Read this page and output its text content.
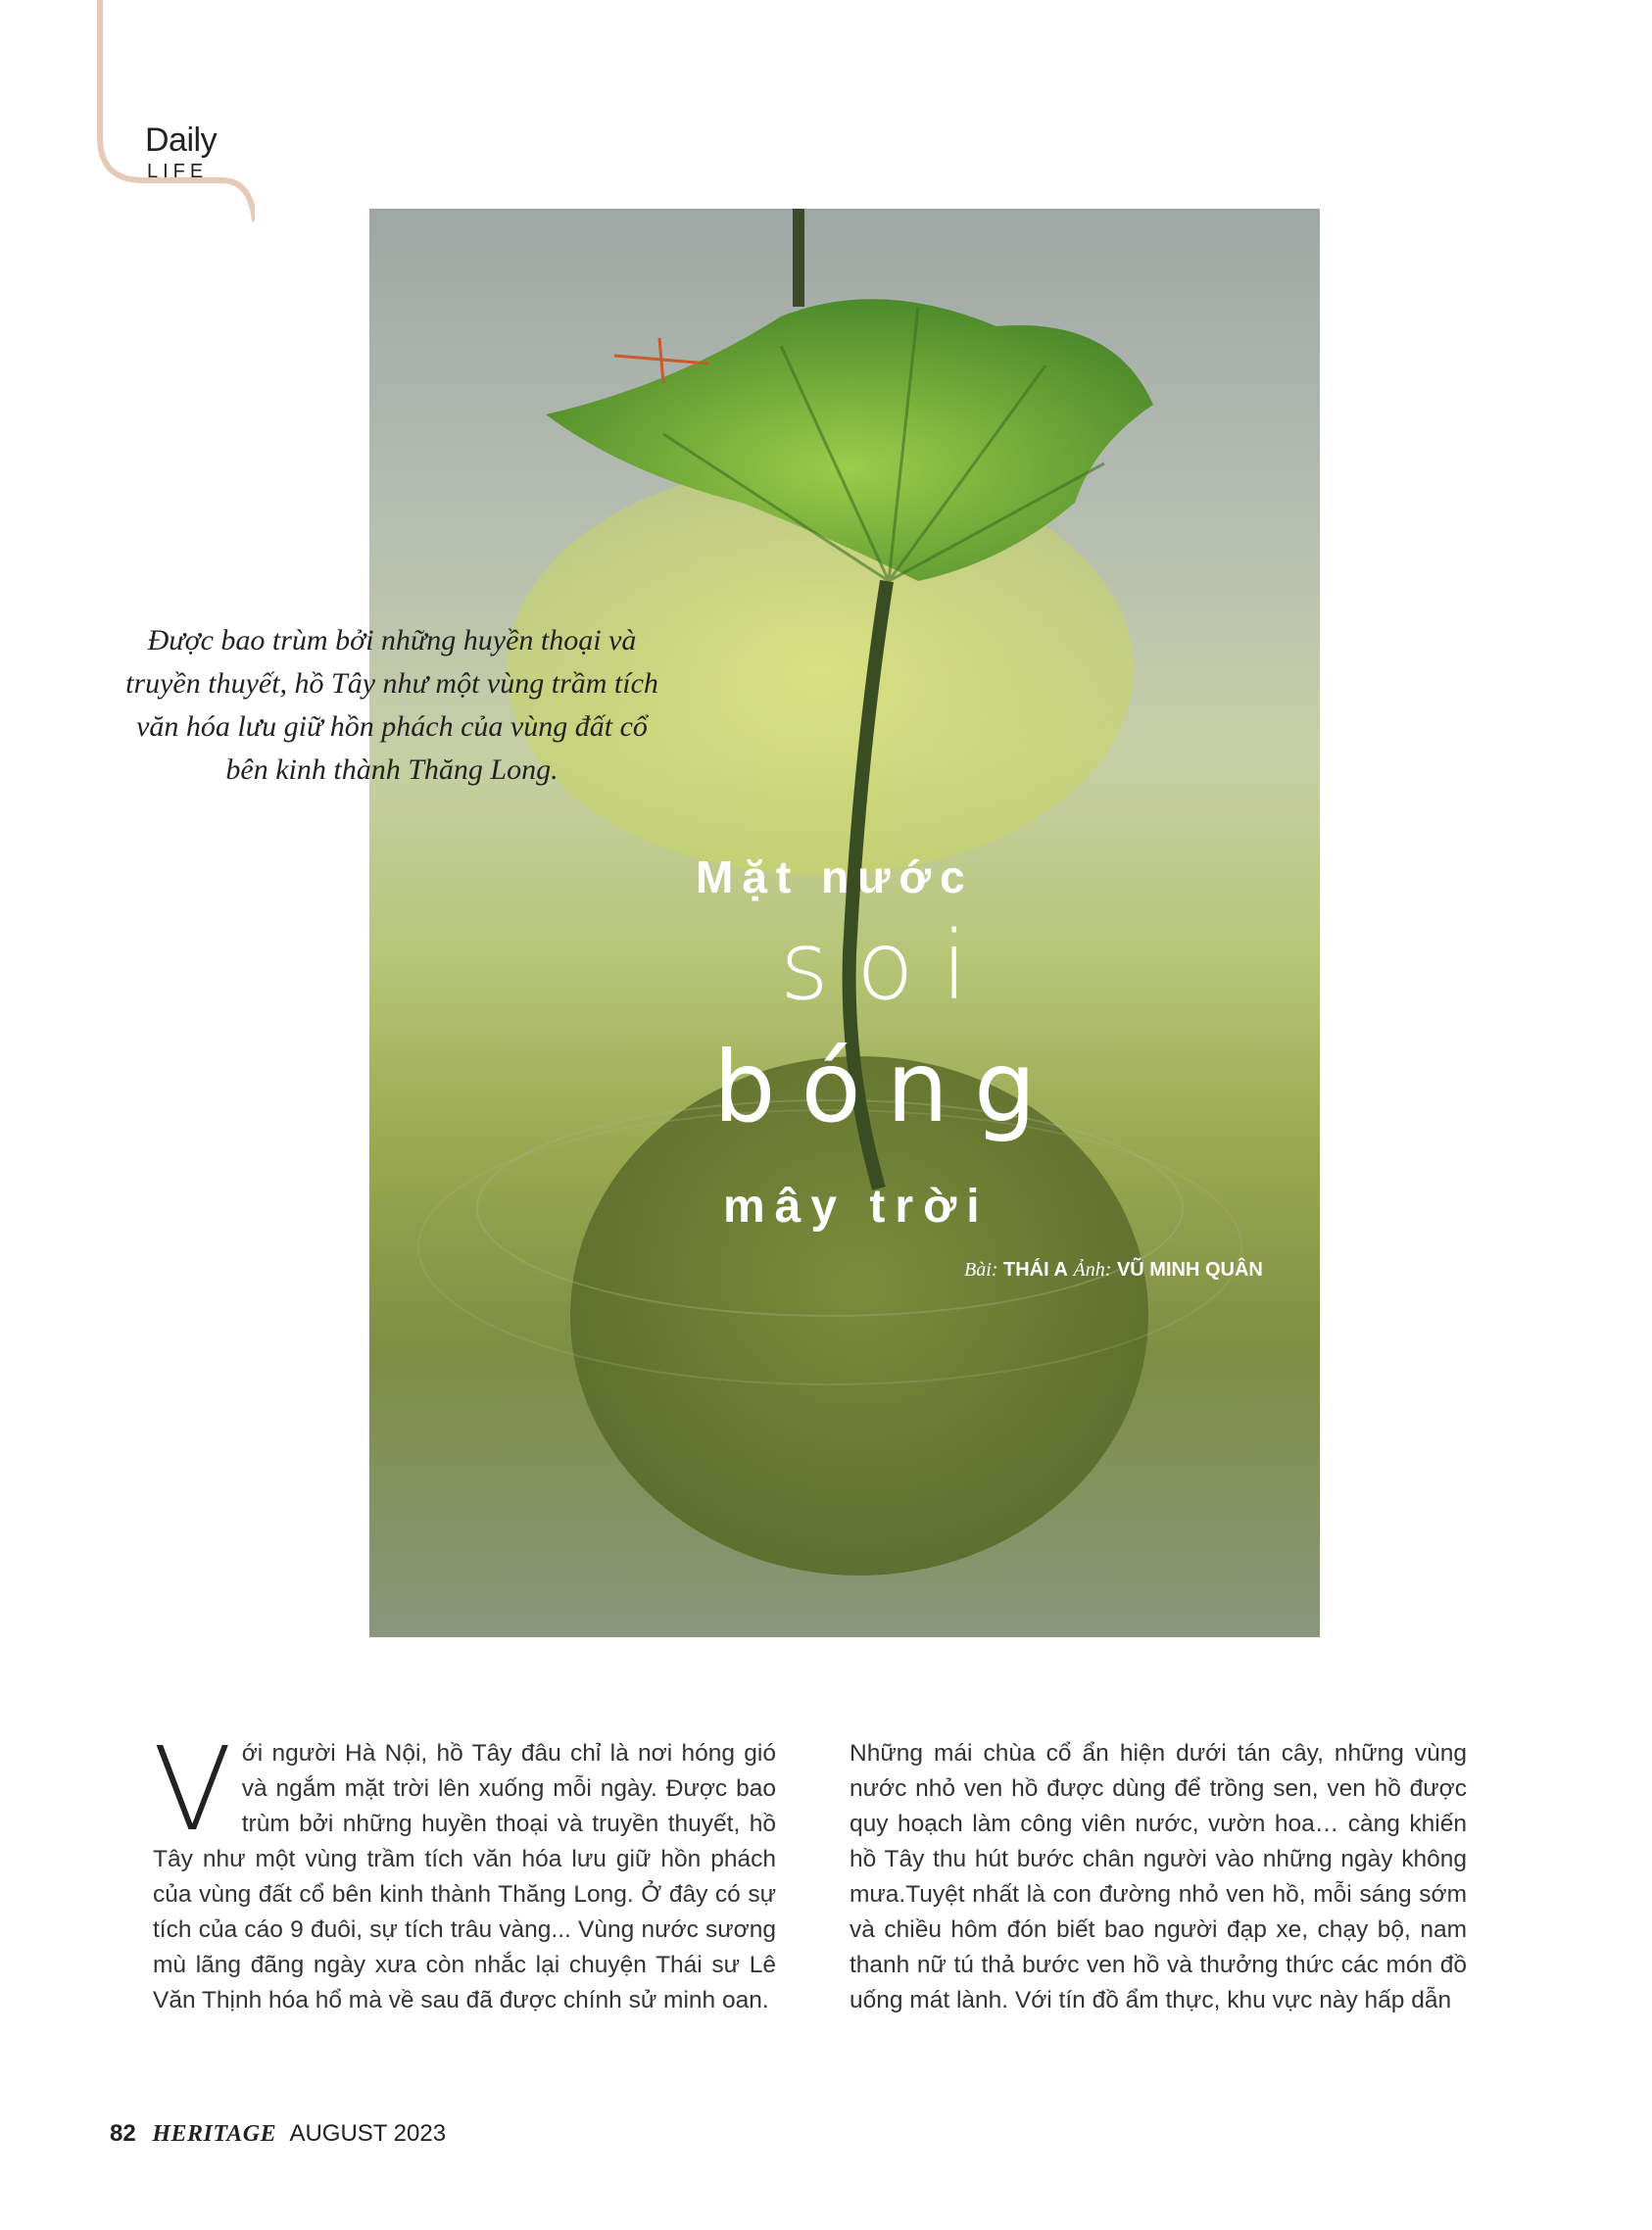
Daily
LIFE
Được bao trùm bởi những huyền thoại và truyền thuyết, hồ Tây như một vùng trầm tích văn hóa lưu giữ hồn phách của vùng đất cổ bên kinh thành Thăng Long.
Mặt nước
soi
bóng
mây trời
Bài: THÁI A Ảnh: VŨ MINH QUÂN
V ới người Hà Nội, hồ Tây đâu chỉ là nơi hóng gió và ngắm mặt trời lên xuống mỗi ngày. Được bao trùm bởi những huyền thoại và truyền thuyết, hồ Tây như một vùng trầm tích văn hóa lưu giữ hồn phách của vùng đất cổ bên kinh thành Thăng Long. Ở đây có sự tích của cáo 9 đuôi, sự tích trâu vàng... Vùng nước sương mù lãng đãng ngày xưa còn nhắc lại chuyện Thái sư Lê Văn Thịnh hóa hổ mà về sau đã được chính sử minh oan.
Những mái chùa cổ ẩn hiện dưới tán cây, những vùng nước nhỏ ven hồ được dùng để trồng sen, ven hồ được quy hoạch làm công viên nước, vườn hoa… càng khiến hồ Tây thu hút bước chân người vào những ngày không mưa.Tuyệt nhất là con đường nhỏ ven hồ, mỗi sáng sớm và chiều hôm đón biết bao người đạp xe, chạy bộ, nam thanh nữ tú thả bước ven hồ và thưởng thức các món đồ uống mát lành. Với tín đồ ẩm thực, khu vực này hấp dẫn
82 HERITAGE AUGUST 2023
